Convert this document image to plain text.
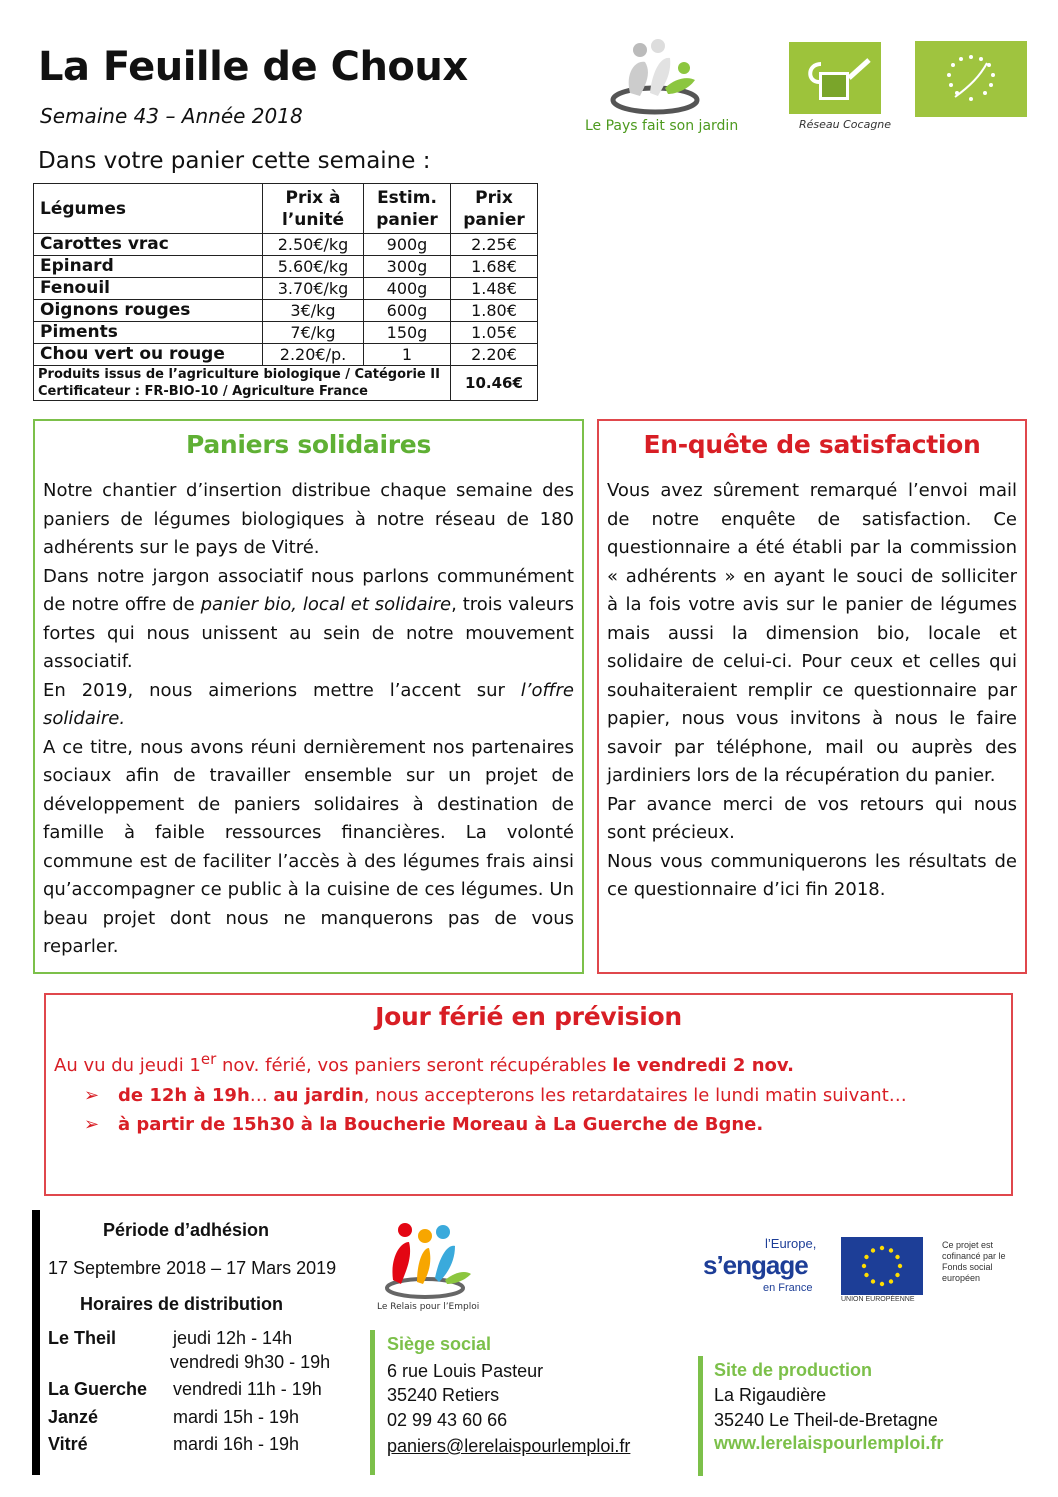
La Feuille de Choux
Semaine 43 – Année 2018
Dans votre panier cette semaine :
Le Pays fait son jardin	Réseau Cocagne
Légumes	Prix à l’unité	Estim. panier	Prix panier
Carottes vrac	2.50€/kg	900g	2.25€
Epinard	5.60€/kg	300g	1.68€
Fenouil	3.70€/kg	400g	1.48€
Oignons rouges	3€/kg	600g	1.80€
Piments	7€/kg	150g	1.05€
Chou vert ou rouge	2.20€/p.	1	2.20€

Produits issus de l’agriculture biologique / Catégorie II
Certificateur : FR-BIO-10 / Agriculture France			10.46€
Paniers solidaires

Notre chantier d’insertion distribue chaque semaine des paniers de légumes biologiques à notre réseau de 180 adhérents sur le pays de Vitré.

Dans notre jargon associatif nous parlons communément de notre offre de panier bio, local et solidaire, trois valeurs fortes qui nous unissent au sein de notre mouvement associatif.

En 2019, nous aimerions mettre l’accent sur l’offre solidaire.

A ce titre, nous avons réuni dernièrement nos partenaires sociaux afin de travailler ensemble sur un projet de développement de paniers solidaires à destination de famille à faible ressources financières. La volonté commune est de faciliter l’accès à des légumes frais ainsi qu’accompagner ce public à la cuisine de ces légumes. Un beau projet dont nous ne manquerons pas de vous reparler.

En-quête de satisfaction

Vous avez sûrement remarqué l’envoi mail de notre enquête de satisfaction. Ce questionnaire a été établi par la commission « adhérents » en ayant le souci de solliciter à la fois votre avis sur le panier de légumes mais aussi la dimension bio, locale et solidaire de celui-ci. Pour ceux et celles qui souhaiteraient remplir ce questionnaire par papier, nous vous invitons à nous le faire savoir par téléphone, mail ou auprès des jardiniers lors de la récupération du panier.

Par avance merci de vos retours qui nous sont précieux.

Nous vous communiquerons les résultats de ce questionnaire d’ici fin 2018.

Jour férié en prévision

Au vu du jeudi 1er nov. férié, vos paniers seront récupérables le vendredi 2 nov.

➢	de 12h à 19h… au jardin, nous accepterons les retardataires le lundi matin suivant…
➢	à partir de 15h30 à la Boucherie Moreau à La Guerche de Bgne.
Période d’adhésion
17 Septembre 2018 – 17 Mars 2019
Horaires de distribution
Le Theil	jeudi 12h - 14h
vendredi 9h30 - 19h
La Guerche vendredi 11h - 19h
Janzé	mardi 15h - 19h
Vitré	mardi 16h - 19h
Le Relais pour l’Emploi
Siège social
6 rue Louis Pasteur
35240 Retiers
02 99 43 60 66
paniers@lerelaispourlemploi.fr
l’Europe,
s’engage
en France
UNION EUROPÉENNE
Ce projet est cofinancé par le Fonds social européen
Site de production
La Rigaudière
35240 Le Theil-de-Bretagne
www.lerelaispourlemploi.fr
